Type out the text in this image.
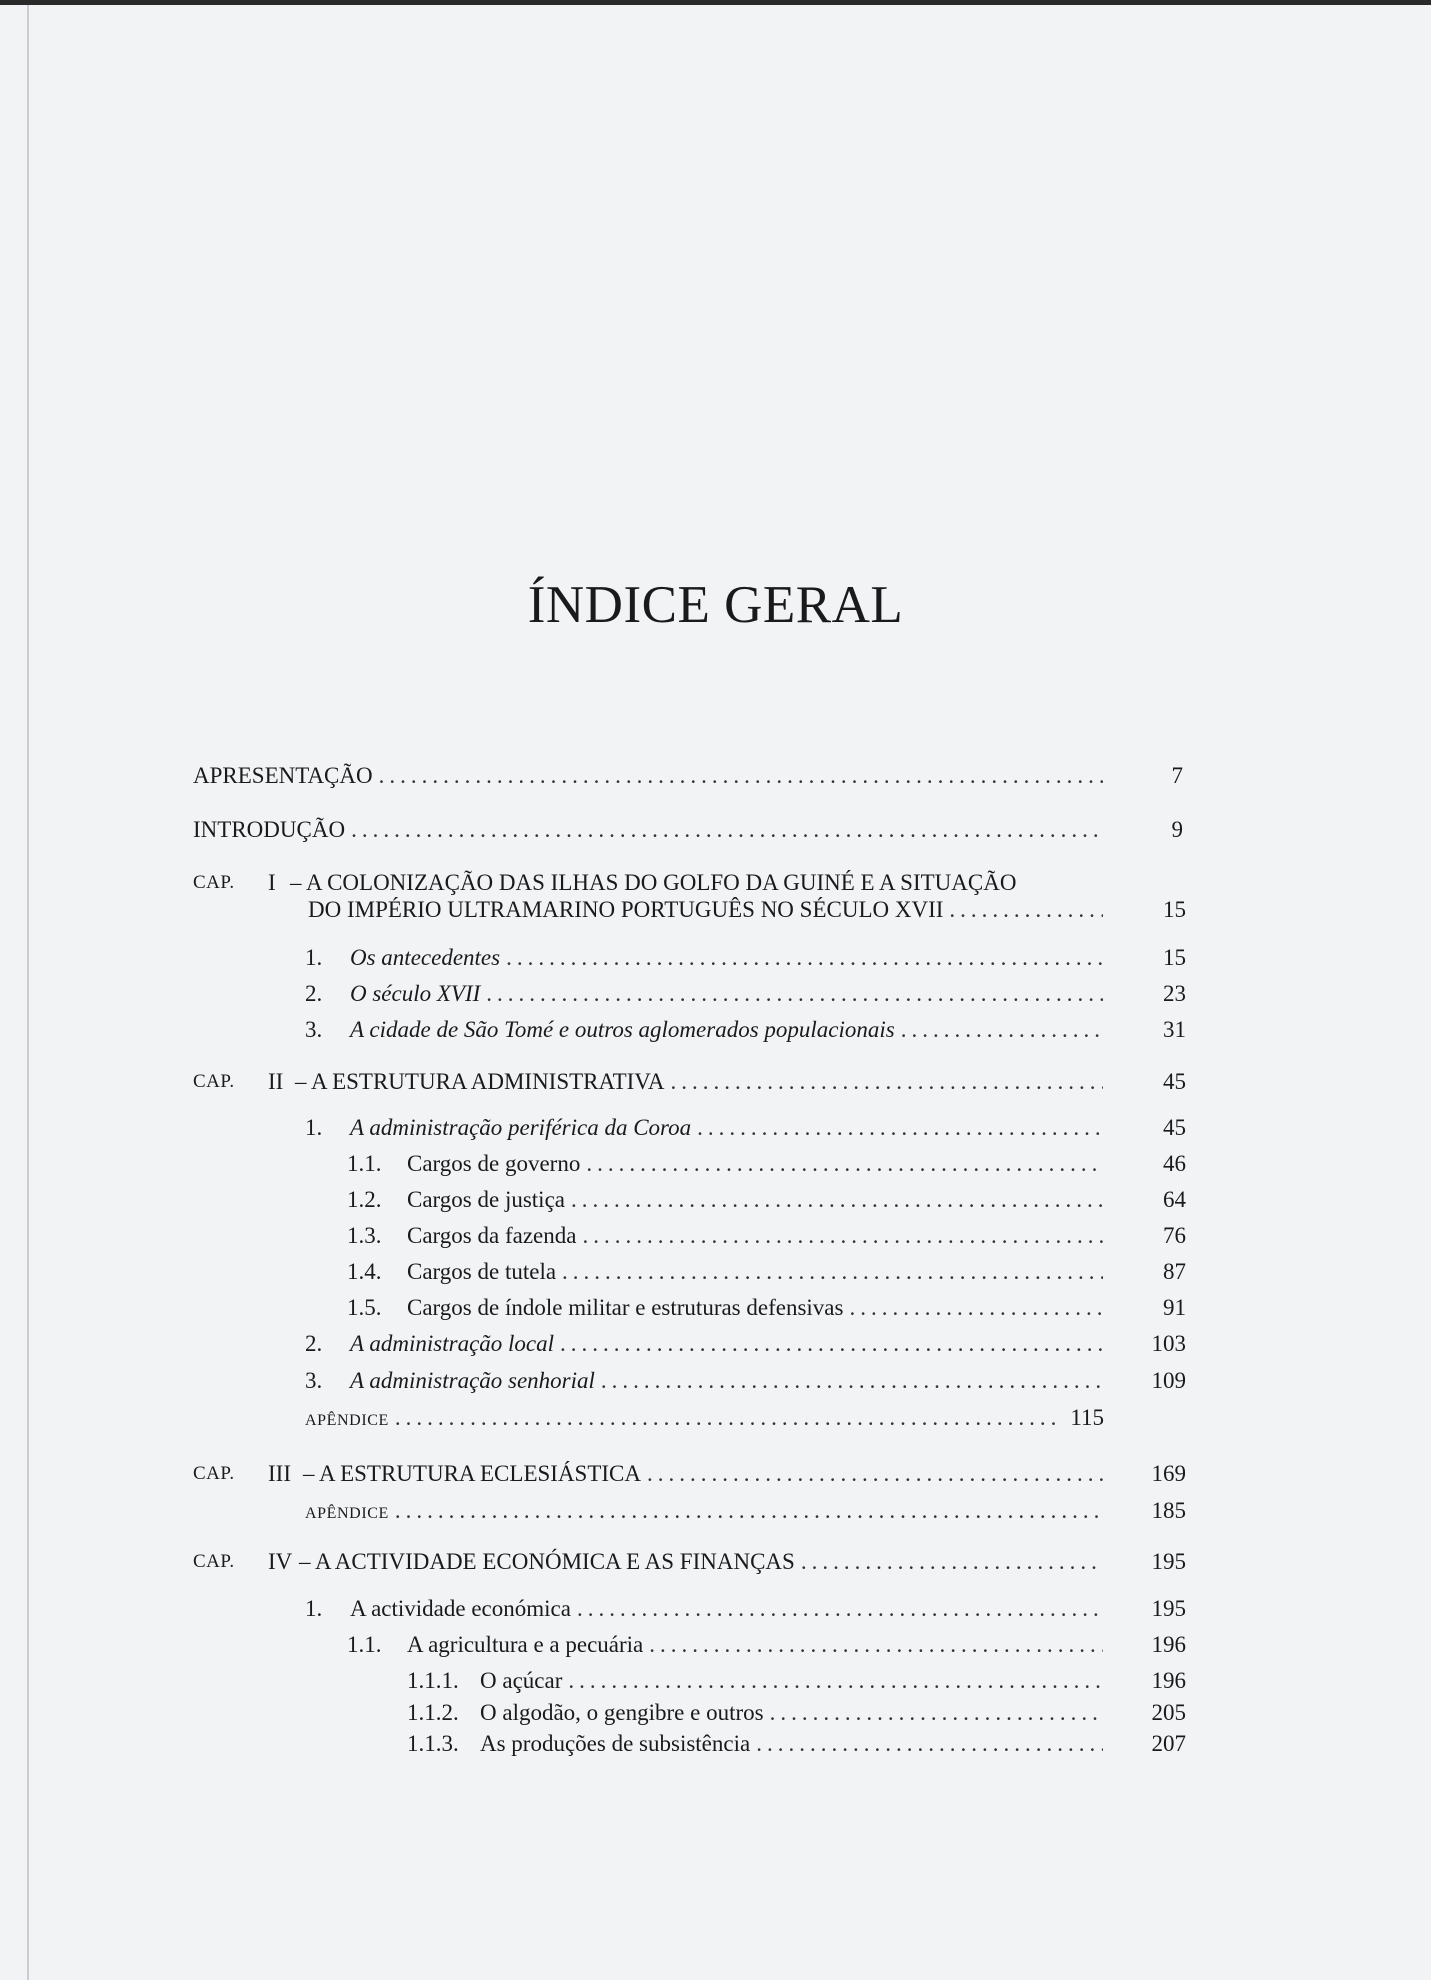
ÍNDICE GERAL
APRESENTAÇÃO .....	7
INTRODUÇÃO .....	9
CAP. I – A COLONIZAÇÃO DAS ILHAS DO GOLFO DA GUINÉ E A SITUAÇÃO
DO IMPÉRIO ULTRAMARINO PORTUGUÊS NO SÉCULO XVII .....	15
1.	Os antecedentes .....	15
2.	O século XVII .....	23
3.	A cidade de São Tomé e outros aglomerados populacionais .....	31
CAP. II – A ESTRUTURA ADMINISTRATIVA .....	45
1.	A administração periférica da Coroa .....	45
1.1.	Cargos de governo .....	46
1.2.	Cargos de justiça .....	64
1.3.	Cargos da fazenda .....	76
1.4.	Cargos de tutela .....	87
1.5.	Cargos de índole militar e estruturas defensivas .....	91
2.	A administração local .....	103
3.	A administração senhorial .....	109
APÊNDICE .....	115
CAP. III – A ESTRUTURA ECLESIÁSTICA .....	169
APÊNDICE .....	185
CAP. IV – A ACTIVIDADE ECONÓMICA E AS FINANÇAS .....	195
1.	A actividade económica .....	195
1.1.	A agricultura e a pecuária .....	196
1.1.1. O açúcar .....	196
1.1.2. O algodão, o gengibre e outros .....	205
1.1.3. As produções de subsistência .....	207
